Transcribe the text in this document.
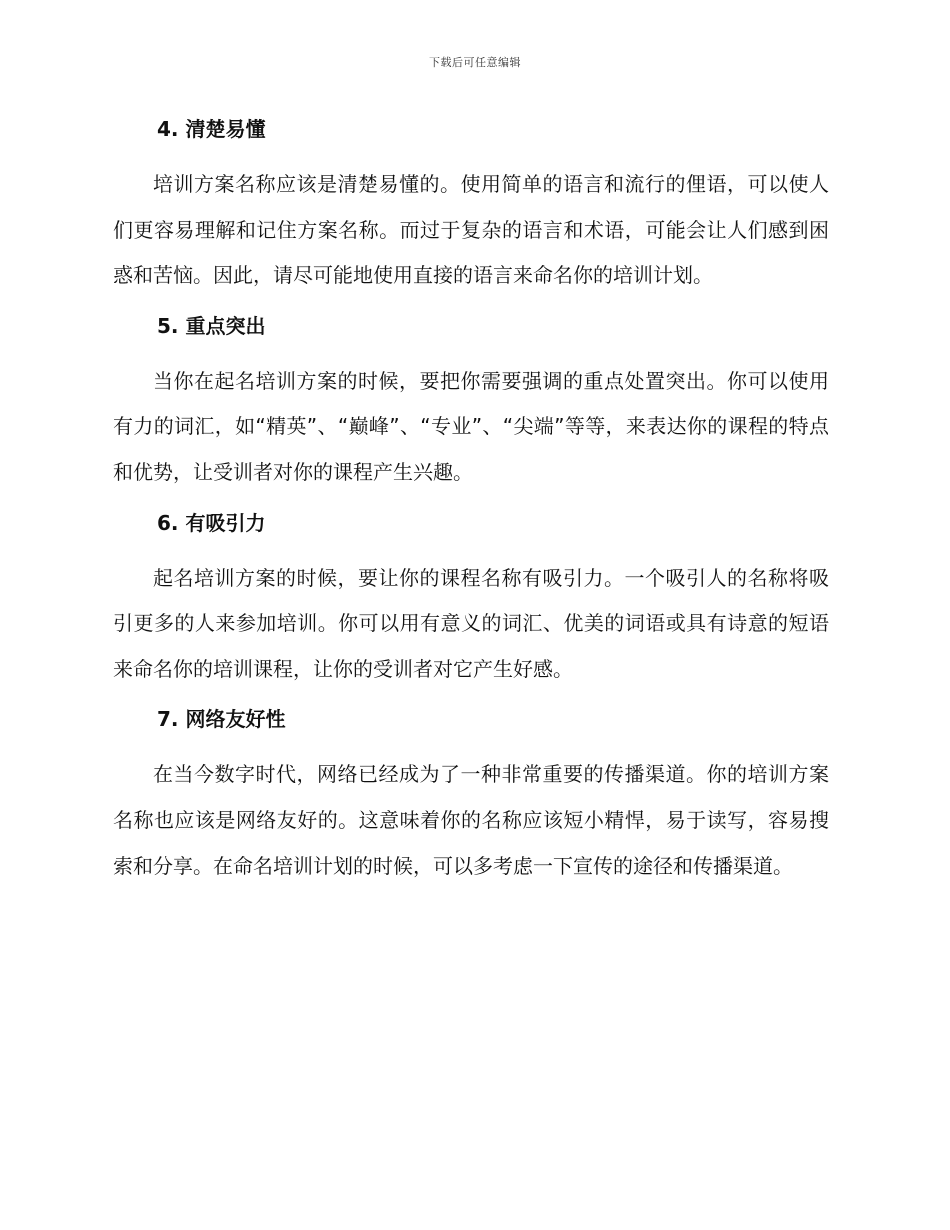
下载后可任意编辑
4. 清楚易懂

培训方案名称应该是清楚易懂的。使用简单的语言和流行的俚语，可以使人们更容易理解和记住方案名称。而过于复杂的语言和术语，可能会让人们感到困惑和苦恼。因此，请尽可能地使用直接的语言来命名你的培训计划。

5. 重点突出

当你在起名培训方案的时候，要把你需要强调的重点处置突出。你可以使用有力的词汇，如“精英”、“巅峰”、“专业”、“尖端”等等，来表达你的课程的特点和优势，让受训者对你的课程产生兴趣。

6. 有吸引力

起名培训方案的时候，要让你的课程名称有吸引力。一个吸引人的名称将吸引更多的人来参加培训。你可以用有意义的词汇、优美的词语或具有诗意的短语来命名你的培训课程，让你的受训者对它产生好感。

7. 网络友好性

在当今数字时代，网络已经成为了一种非常重要的传播渠道。你的培训方案名称也应该是网络友好的。这意味着你的名称应该短小精悍，易于读写，容易搜索和分享。在命名培训计划的时候，可以多考虑一下宣传的途径和传播渠道。
